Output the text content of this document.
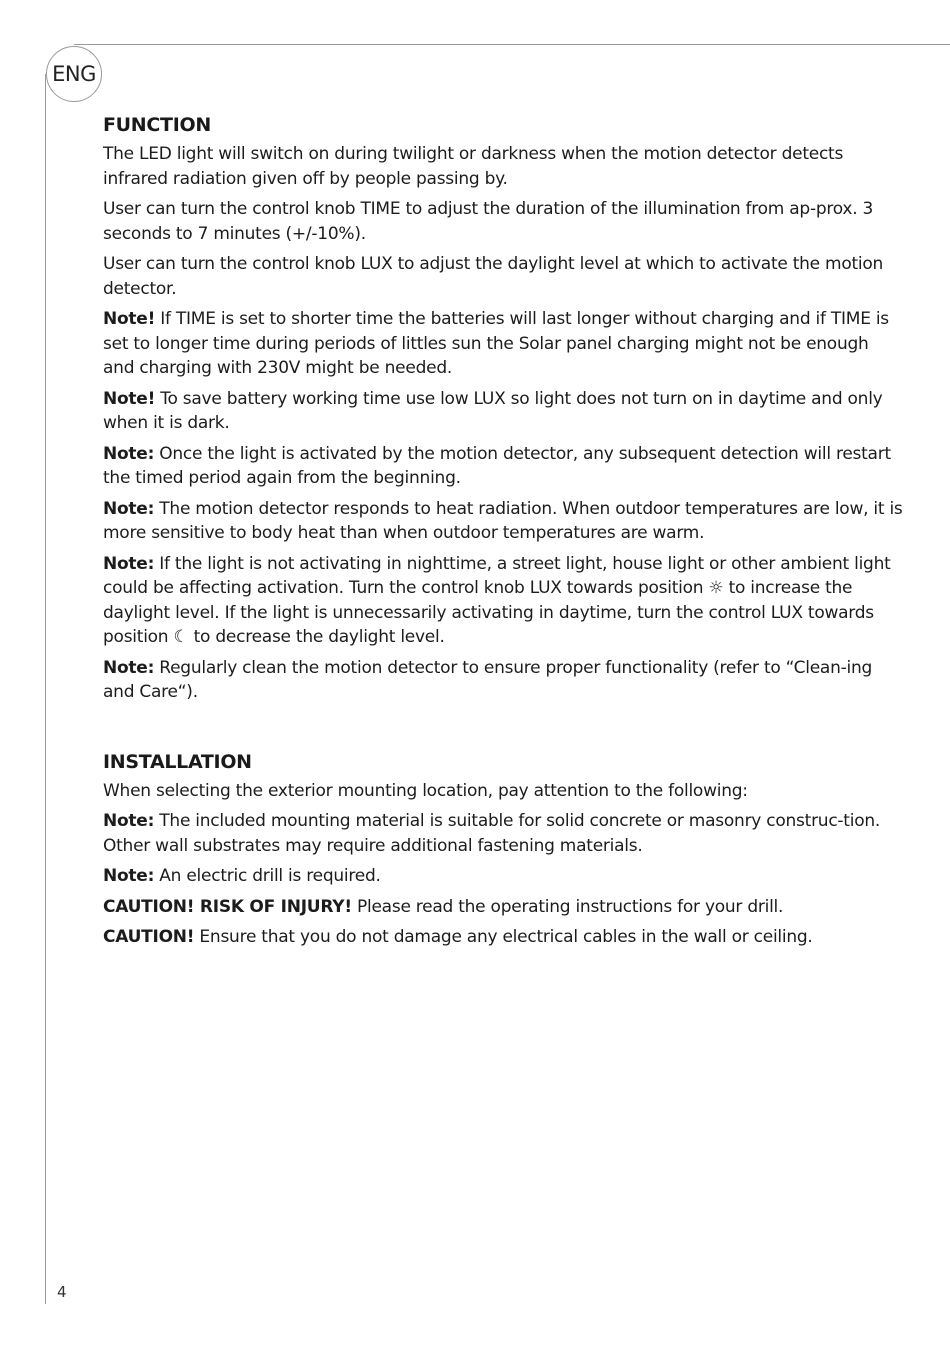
ENG
FUNCTION

The LED light will switch on during twilight or darkness when the motion detector detects infrared radiation given off by people passing by.

User can turn the control knob TIME to adjust the duration of the illumination from ap-prox. 3 seconds to 7 minutes (+/-10%).

User can turn the control knob LUX to adjust the daylight level at which to activate the motion detector.

Note! If TIME is set to shorter time the batteries will last longer without charging and if TIME is set to longer time during periods of littles sun the Solar panel charging might not be enough and charging with 230V might be needed.

Note! To save battery working time use low LUX so light does not turn on in daytime and only when it is dark.

Note: Once the light is activated by the motion detector, any subsequent detection will restart the timed period again from the beginning.

Note: The motion detector responds to heat radiation. When outdoor temperatures are low, it is more sensitive to body heat than when outdoor temperatures are warm.

Note: If the light is not activating in nighttime, a street light, house light or other ambient light could be affecting activation. Turn the control knob LUX towards position ☼ to increase the daylight level. If the light is unnecessarily activating in daytime, turn the control LUX towards position ☾ to decrease the daylight level.

Note: Regularly clean the motion detector to ensure proper functionality (refer to “Clean-ing and Care“).

INSTALLATION

When selecting the exterior mounting location, pay attention to the following:

Note: The included mounting material is suitable for solid concrete or masonry construc-tion. Other wall substrates may require additional fastening materials.

Note: An electric drill is required.

CAUTION! RISK OF INJURY! Please read the operating instructions for your drill.

CAUTION! Ensure that you do not damage any electrical cables in the wall or ceiling.

4
